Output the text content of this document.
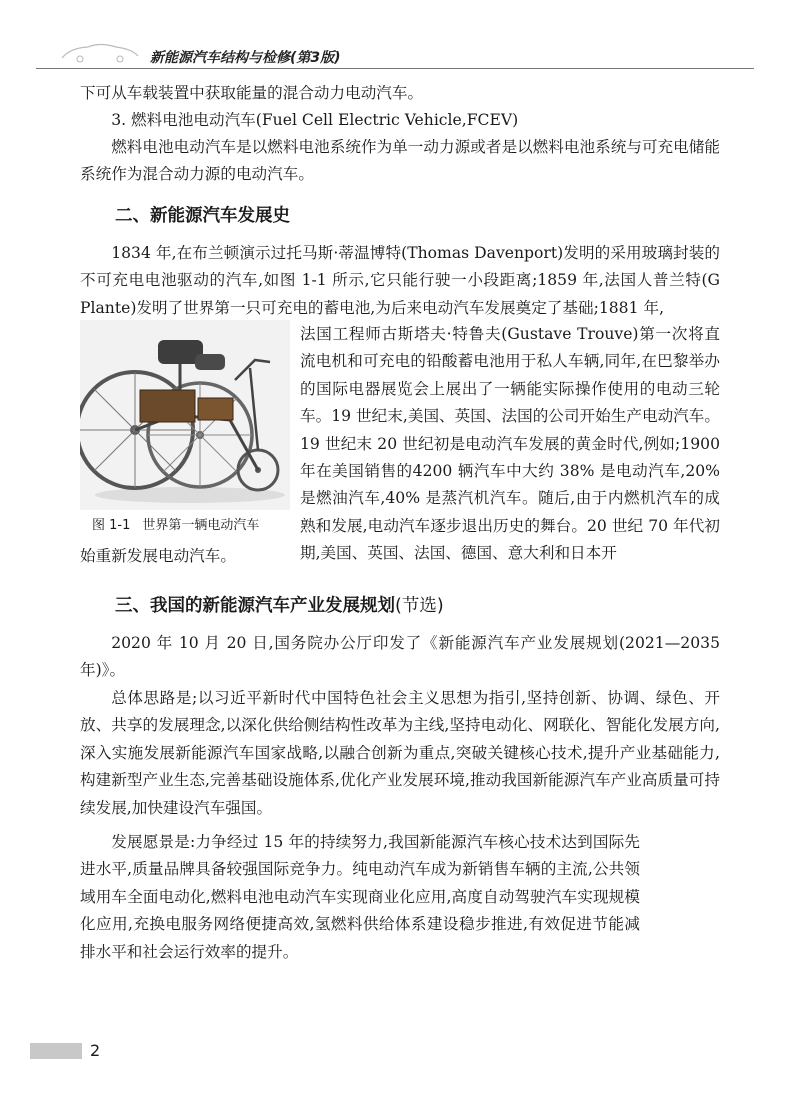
新能源汽车结构与检修(第3版)

下可从车载装置中获取能量的混合动力电动汽车。

3. 燃料电池电动汽车(Fuel Cell Electric Vehicle,FCEV)

燃料电池电动汽车是以燃料电池系统作为单一动力源或者是以燃料电池系统与可充电储能系统作为混合动力源的电动汽车。

二、新能源汽车发展史

1834 年,在布兰顿演示过托马斯·蒂温博特(Thomas Davenport)发明的采用玻璃封装的不可充电电池驱动的汽车,如图 1-1 所示,它只能行驶一小段距离;1859 年,法国人普兰特(G Plante)发明了世界第一只可充电的蓄电池,为后来电动汽车发展奠定了基础;1881 年,

图 1-1 世界第一辆电动汽车

法国工程师古斯塔夫·特鲁夫(Gustave Trouve)第一次将直流电机和可充电的铅酸蓄电池用于私人车辆,同年,在巴黎举办的国际电器展览会上展出了一辆能实际操作使用的电动三轮车。19 世纪末,美国、英国、法国的公司开始生产电动汽车。19 世纪末 20 世纪初是电动汽车发展的黄金时代,例如;1900 年在美国销售的4200 辆汽车中大约 38% 是电动汽车,20% 是燃油汽车,40% 是蒸汽机汽车。随后,由于内燃机汽车的成熟和发展,电动汽车逐步退出历史的舞台。20 世纪 70 年代初期,美国、英国、法国、德国、意大利和日本开

始重新发展电动汽车。

三、我国的新能源汽车产业发展规划(节选)

2020 年 10 月 20 日,国务院办公厅印发了《新能源汽车产业发展规划(2021—2035 年)》。

总体思路是;以习近平新时代中国特色社会主义思想为指引,坚持创新、协调、绿色、开放、共享的发展理念,以深化供给侧结构性改革为主线,坚持电动化、网联化、智能化发展方向,深入实施发展新能源汽车国家战略,以融合创新为重点,突破关键核心技术,提升产业基础能力,构建新型产业生态,完善基础设施体系,优化产业发展环境,推动我国新能源汽车产业高质量可持续发展,加快建设汽车强国。

发展愿景是:力争经过 15 年的持续努力,我国新能源汽车核心技术达到国际先进水平,质量品牌具备较强国际竞争力。纯电动汽车成为新销售车辆的主流,公共领域用车全面电动化,燃料电池电动汽车实现商业化应用,高度自动驾驶汽车实现规模化应用,充换电服务网络便捷高效,氢燃料供给体系建设稳步推进,有效促进节能减排水平和社会运行效率的提升。

2
